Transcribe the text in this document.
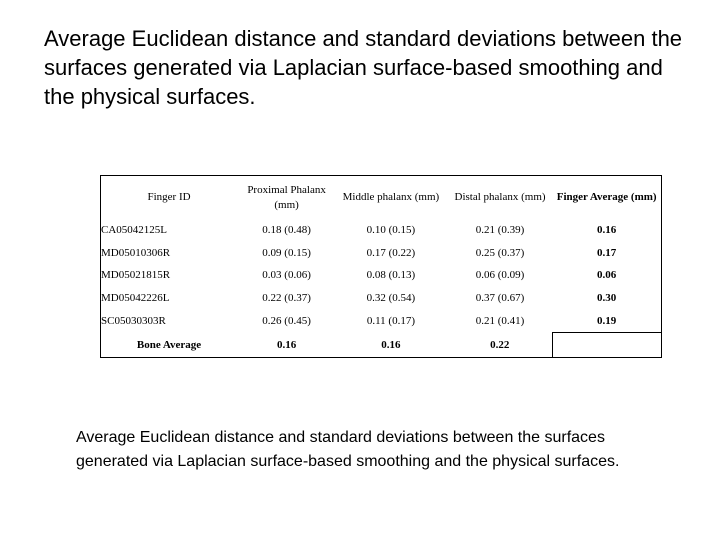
Average Euclidean distance and standard deviations between the surfaces generated via Laplacian surface-based smoothing and the physical surfaces.
Finger ID	Proximal Phalanx (mm)	Middle phalanx (mm)	Distal phalanx (mm)	Finger Average (mm)
CA05042125L	0.18 (0.48)	0.10 (0.15)	0.21 (0.39)	0.16
MD05010306R	0.09 (0.15)	0.17 (0.22)	0.25 (0.37)	0.17
MD05021815R	0.03 (0.06)	0.08 (0.13)	0.06 (0.09)	0.06
MD05042226L	0.22 (0.37)	0.32 (0.54)	0.37 (0.67)	0.30
SC05030303R	0.26 (0.45)	0.11 (0.17)	0.21 (0.41)	0.19
Bone Average	0.16	0.16	0.22	
Average Euclidean distance and standard deviations between the surfaces generated via Laplacian surface-based smoothing and the physical surfaces.
